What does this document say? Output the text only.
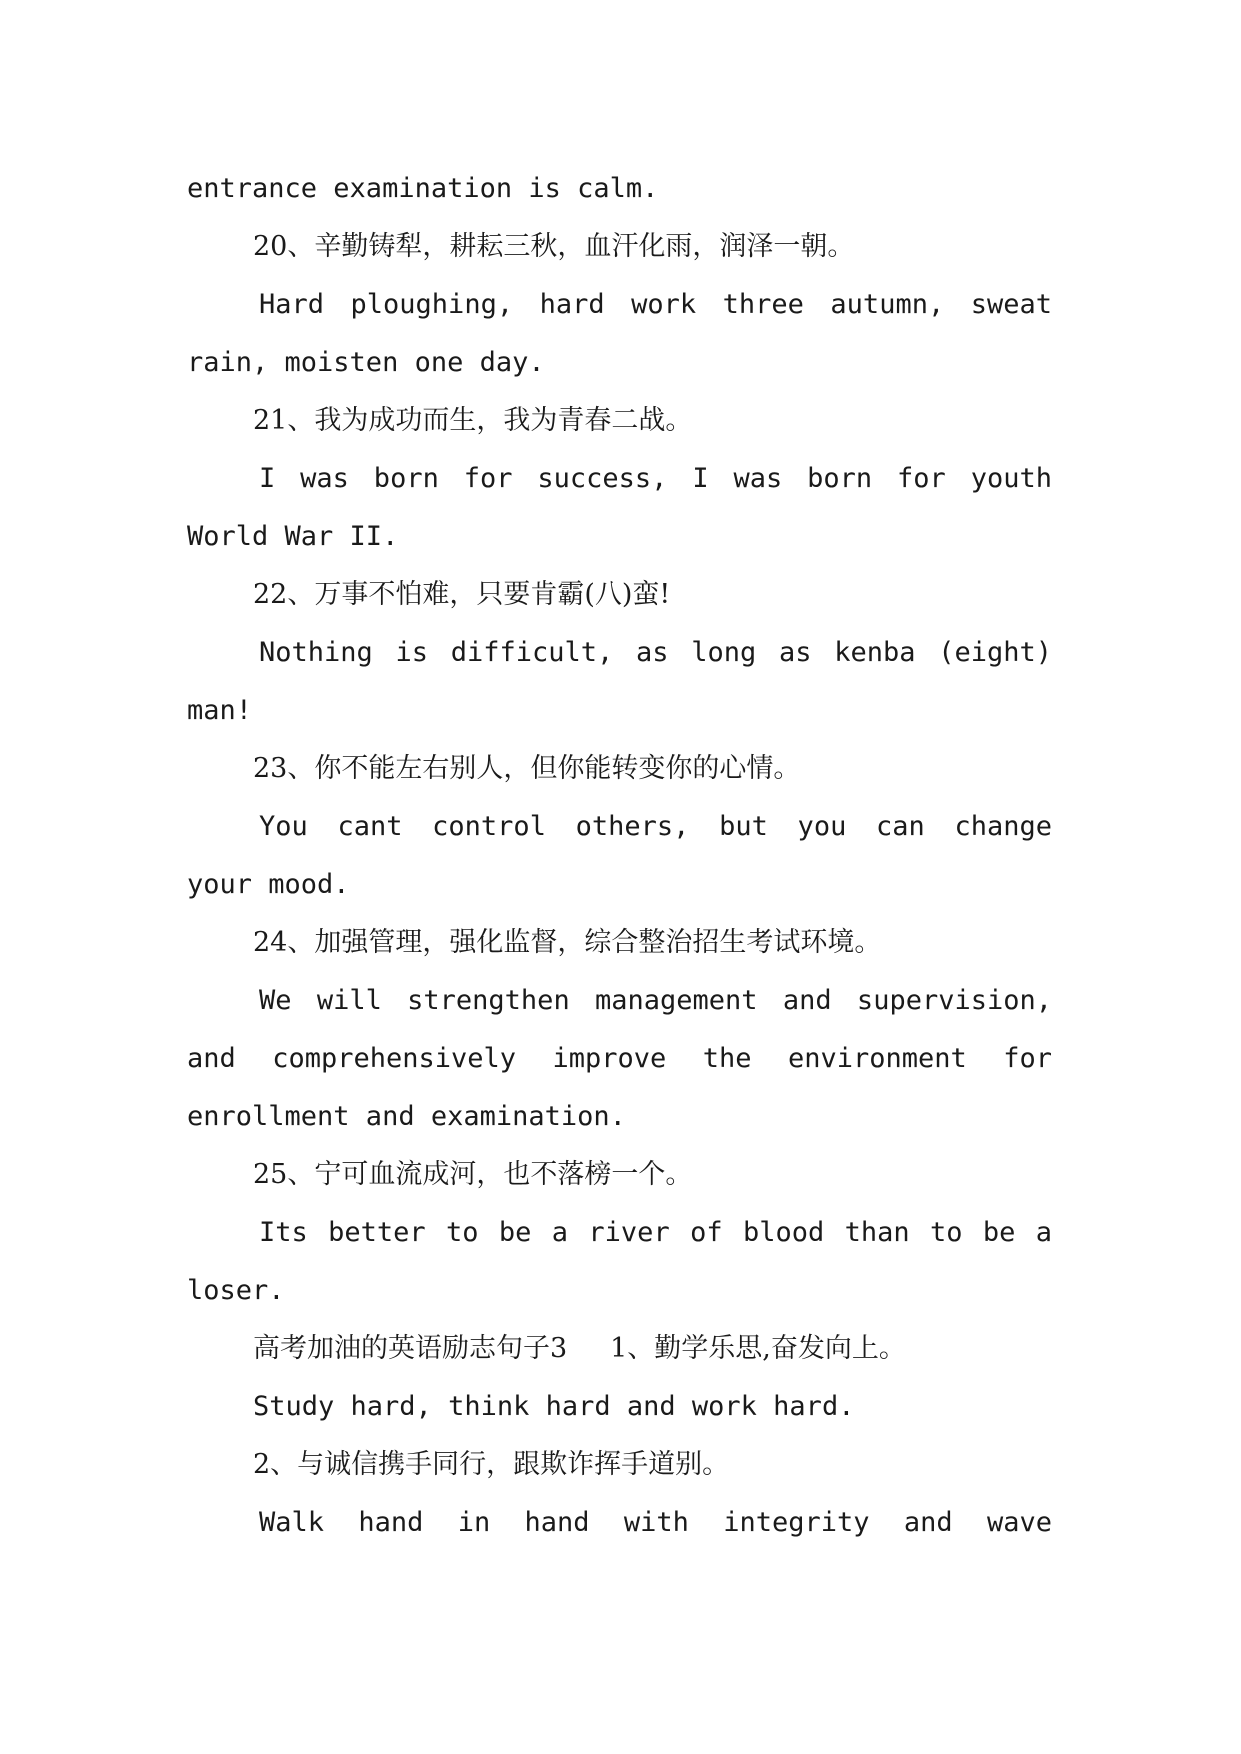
entrance examination is calm.
20、辛勤铸犁，耕耘三秋，血汗化雨，润泽一朝。
Hard ploughing, hard work three autumn, sweat
rain, moisten one day.
21、我为成功而生，我为青春二战。
I was born for success, I was born for youth
World War II.
22、万事不怕难，只要肯霸(八)蛮!
Nothing is difficult, as long as kenba (eight)
man!
23、你不能左右别人，但你能转变你的心情。
You cant control others, but you can change
your mood.
24、加强管理，强化监督，综合整治招生考试环境。
We will strengthen management and supervision,
and comprehensively improve the environment for
enrollment and examination.
25、宁可血流成河，也不落榜一个。
Its better to be a river of blood than to be a
loser.
高考加油的英语励志句子3     1、勤学乐思,奋发向上。
Study hard, think hard and work hard.
2、与诚信携手同行，跟欺诈挥手道别。
Walk hand in hand with integrity and wave
